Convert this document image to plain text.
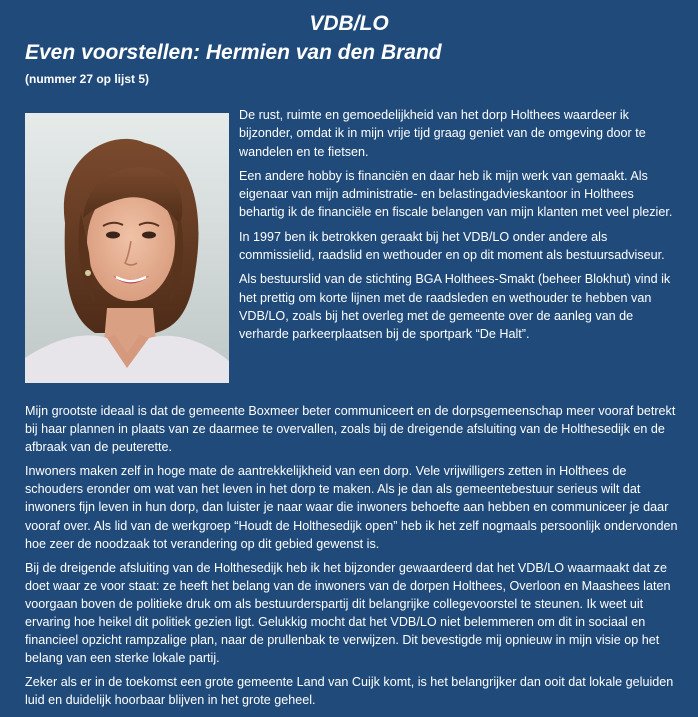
VDB/LO
Even voorstellen: Hermien van den Brand
(nummer 27 op lijst 5)

De rust, ruimte en gemoedelijkheid van het dorp Holthees waardeer ik bijzonder, omdat ik in mijn vrije tijd graag geniet van de omgeving door te wandelen en te fietsen.

Een andere hobby is financiën en daar heb ik mijn werk van gemaakt. Als eigenaar van mijn administratie- en belastingadvieskantoor in Holthees behartig ik de financiële en fiscale belangen van mijn klanten met veel plezier.

In 1997 ben ik betrokken geraakt bij het VDB/LO onder andere als commissielid, raadslid en wethouder en op dit moment als bestuursadviseur.

Als bestuurslid van de stichting BGA Holthees-Smakt (beheer Blokhut) vind ik het prettig om korte lijnen met de raadsleden en wethouder te hebben van VDB/LO, zoals bij het overleg met de gemeente over de aanleg van de verharde parkeerplaatsen bij de sportpark “De Halt”.

Mijn grootste ideaal is dat de gemeente Boxmeer beter communiceert en de dorpsgemeenschap meer vooraf betrekt bij haar plannen in plaats van ze daarmee te overvallen, zoals bij de dreigende afsluiting van de Holthesedijk en de afbraak van de peuterette.

Inwoners maken zelf in hoge mate de aantrekkelijkheid van een dorp. Vele vrijwilligers zetten in Holthees de schouders eronder om wat van het leven in het dorp te maken. Als je dan als gemeentebestuur serieus wilt dat inwoners fijn leven in hun dorp, dan luister je naar waar die inwoners behoefte aan hebben en communiceer je daar vooraf over. Als lid van de werkgroep “Houdt de Holthesedijk open” heb ik het zelf nogmaals persoonlijk ondervonden hoe zeer de noodzaak tot verandering op dit gebied gewenst is.

Bij de dreigende afsluiting van de Holthesedijk heb ik het bijzonder gewaardeerd dat het VDB/LO waarmaakt dat ze doet waar ze voor staat: ze heeft het belang van de inwoners van de dorpen Holthees, Overloon en Maashees laten voorgaan boven de politieke druk om als bestuurderspartij dit belangrijke collegevoorstel te steunen. Ik weet uit ervaring hoe heikel dit politiek gezien ligt. Gelukkig mocht dat het VDB/LO niet belemmeren om dit in sociaal en financieel opzicht rampzalige plan, naar de prullenbak te verwijzen. Dit bevestigde mij opnieuw in mijn visie op het belang van een sterke lokale partij.

Zeker als er in de toekomst een grote gemeente Land van Cuijk komt, is het belangrijker dan ooit dat lokale geluiden luid en duidelijk hoorbaar blijven in het grote geheel.
